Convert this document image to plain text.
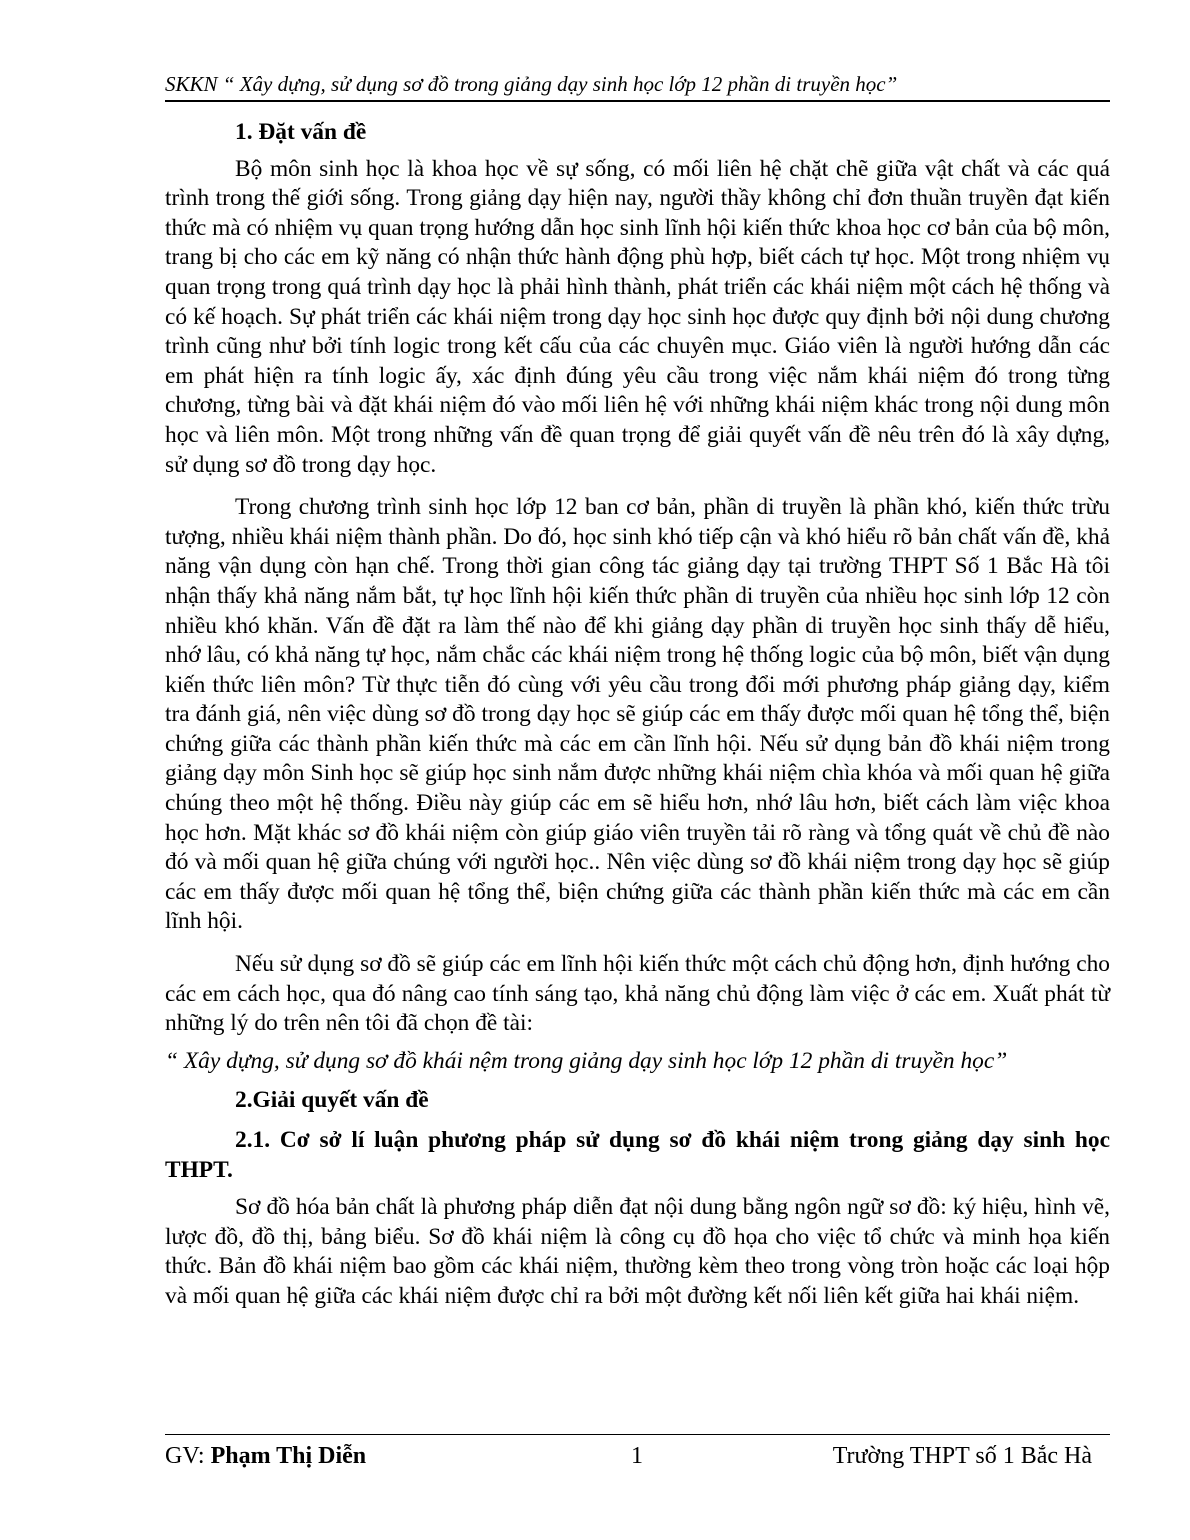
SKKN “ Xây dựng, sử dụng sơ đồ trong giảng dạy sinh học lớp 12 phần di truyền học”

1. Đặt vấn đề

Bộ môn sinh học là khoa học về sự sống, có mối liên hệ chặt chẽ giữa vật chất và các quá trình trong thế giới sống. Trong giảng dạy hiện nay, người thầy không chỉ đơn thuần truyền đạt kiến thức mà có nhiệm vụ quan trọng hướng dẫn học sinh lĩnh hội kiến thức khoa học cơ bản của bộ môn, trang bị cho các em kỹ năng có nhận thức hành động phù hợp, biết cách tự học. Một trong nhiệm vụ quan trọng trong quá trình dạy học là phải hình thành, phát triển các khái niệm một cách hệ thống và có kế hoạch. Sự phát triển các khái niệm trong dạy học sinh học được quy định bởi nội dung chương trình cũng như bởi tính logic trong kết cấu của các chuyên mục. Giáo viên là người hướng dẫn các em phát hiện ra tính logic ấy, xác định đúng yêu cầu trong việc nắm khái niệm đó trong từng chương, từng bài và đặt khái niệm đó vào mối liên hệ với những khái niệm khác trong nội dung môn học và liên môn. Một trong những vấn đề quan trọng để giải quyết vấn đề nêu trên đó là xây dựng, sử dụng sơ đồ trong dạy học.

Trong chương trình sinh học lớp 12 ban cơ bản, phần di truyền là phần khó, kiến thức trừu tượng, nhiều khái niệm thành phần. Do đó, học sinh khó tiếp cận và khó hiểu rõ bản chất vấn đề, khả năng vận dụng còn hạn chế. Trong thời gian công tác giảng dạy tại trường THPT Số 1 Bắc Hà tôi nhận thấy khả năng nắm bắt, tự học lĩnh hội kiến thức phần di truyền của nhiều học sinh lớp 12 còn nhiều khó khăn. Vấn đề đặt ra làm thế nào để khi giảng dạy phần di truyền học sinh thấy dễ hiểu, nhớ lâu, có khả năng tự học, nắm chắc các khái niệm trong hệ thống logic của bộ môn, biết vận dụng kiến thức liên môn? Từ thực tiễn đó cùng với yêu cầu trong đổi mới phương pháp giảng dạy, kiểm tra đánh giá, nên việc dùng sơ đồ trong dạy học sẽ giúp các em thấy được mối quan hệ tổng thể, biện chứng giữa các thành phần kiến thức mà các em cần lĩnh hội. Nếu sử dụng bản đồ khái niệm trong giảng dạy môn Sinh học sẽ giúp học sinh nắm được những khái niệm chìa khóa và mối quan hệ giữa chúng theo một hệ thống. Điều này giúp các em sẽ hiểu hơn, nhớ lâu hơn, biết cách làm việc khoa học hơn. Mặt khác sơ đồ khái niệm còn giúp giáo viên truyền tải rõ ràng và tổng quát về chủ đề nào đó và mối quan hệ giữa chúng với người học.. Nên việc dùng sơ đồ khái niệm trong dạy học sẽ giúp các em thấy được mối quan hệ tổng thể, biện chứng giữa các thành phần kiến thức mà các em cần lĩnh hội.

Nếu sử dụng sơ đồ sẽ giúp các em lĩnh hội kiến thức một cách chủ động hơn, định hướng cho các em cách học, qua đó nâng cao tính sáng tạo, khả năng chủ động làm việc ở các em. Xuất phát từ những lý do trên nên tôi đã chọn đề tài:

“ Xây dựng, sử dụng sơ đồ khái nệm trong giảng dạy sinh học lớp 12 phần di truyền học”

2.Giải quyết vấn đề

2.1. Cơ sở lí luận phương pháp sử dụng sơ đồ khái niệm trong giảng dạy sinh học THPT.

Sơ đồ hóa bản chất là phương pháp diễn đạt nội dung bằng ngôn ngữ sơ đồ: ký hiệu, hình vẽ, lược đồ, đồ thị, bảng biểu. Sơ đồ khái niệm là công cụ đồ họa cho việc tổ chức và minh họa kiến thức. Bản đồ khái niệm bao gồm các khái niệm, thường kèm theo trong vòng tròn hoặc các loại hộp và mối quan hệ giữa các khái niệm được chỉ ra bởi một đường kết nối liên kết giữa hai khái niệm.

GV: Phạm Thị Diễn	1	Trường THPT số 1 Bắc Hà
